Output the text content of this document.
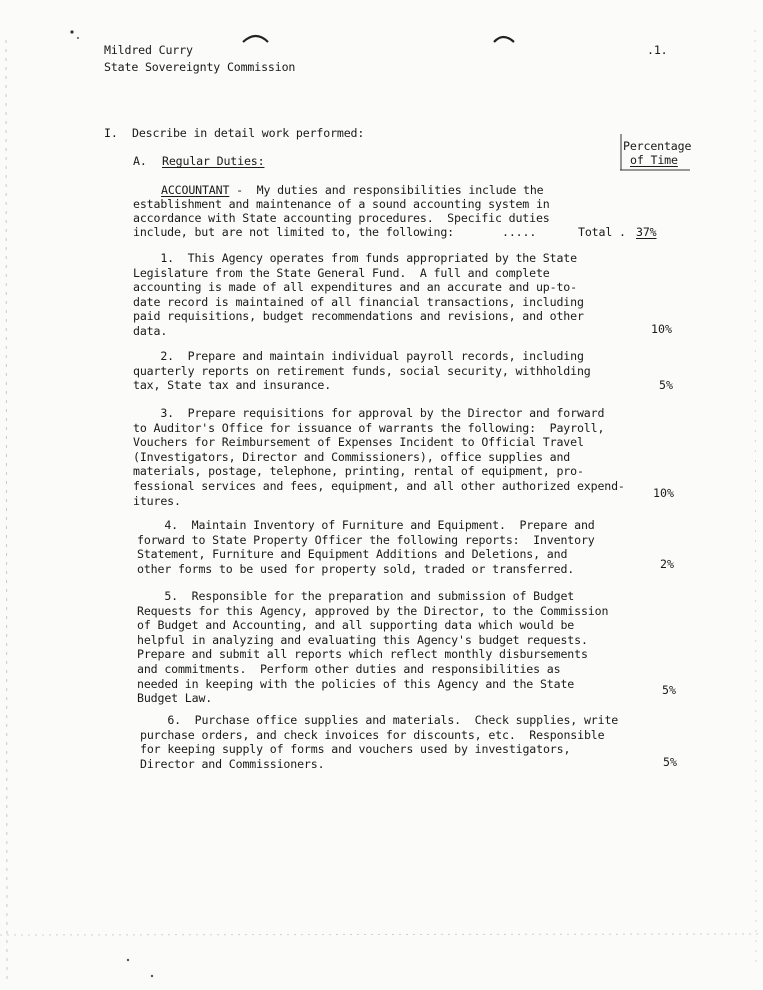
Mildred Curry
State Sovereignty Commission
.1.
I. Describe in detail work performed:
Percentage
of Time
A. Regular Duties:
ACCOUNTANT -  My duties and responsibilities include the
establishment and maintenance of a sound accounting system in
accordance with State accounting procedures.  Specific duties
include, but are not limited to, the following:	.....	Total . 37%
1.  This Agency operates from funds appropriated by the State
Legislature from the State General Fund.  A full and complete
accounting is made of all expenditures and an accurate and up-to-
date record is maintained of all financial transactions, including
paid requisitions, budget recommendations and revisions, and other
data.	10%
2.  Prepare and maintain individual payroll records, including
quarterly reports on retirement funds, social security, withholding
tax, State tax and insurance.	5%
3.  Prepare requisitions for approval by the Director and forward
to Auditor's Office for issuance of warrants the following:  Payroll,
Vouchers for Reimbursement of Expenses Incident to Official Travel
(Investigators, Director and Commissioners), office supplies and
materials, postage, telephone, printing, rental of equipment, pro-
fessional services and fees, equipment, and all other authorized expend-
itures.
10%
4.  Maintain Inventory of Furniture and Equipment.  Prepare and
forward to State Property Officer the following reports:  Inventory
Statement, Furniture and Equipment Additions and Deletions, and
other forms to be used for property sold, traded or transferred.	2%
5.  Responsible for the preparation and submission of Budget
Requests for this Agency, approved by the Director, to the Commission
of Budget and Accounting, and all supporting data which would be
helpful in analyzing and evaluating this Agency's budget requests.
Prepare and submit all reports which reflect monthly disbursements
and commitments.  Perform other duties and responsibilities as
needed in keeping with the policies of this Agency and the State
Budget Law.
5%
6.  Purchase office supplies and materials.  Check supplies, write
purchase orders, and check invoices for discounts, etc.  Responsible
for keeping supply of forms and vouchers used by investigators,
Director and Commissioners.	5%
